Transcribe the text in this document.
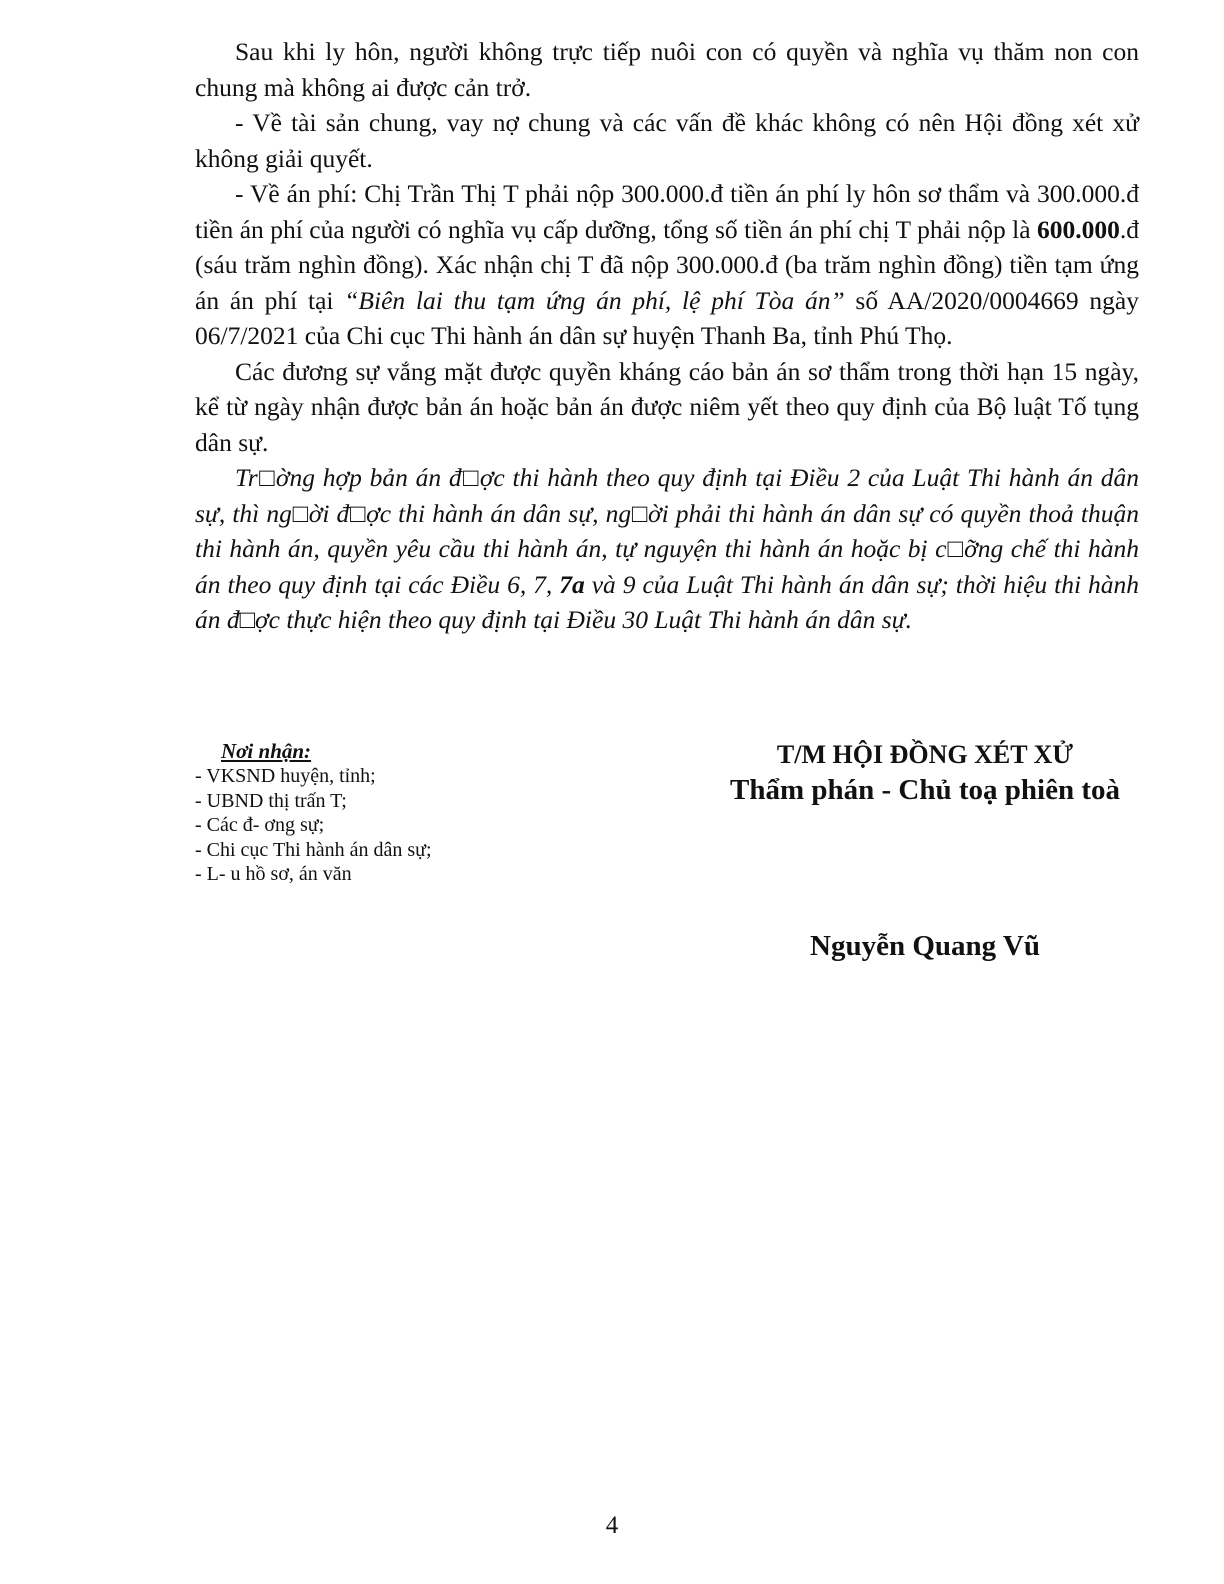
Sau khi ly hôn, người không trực tiếp nuôi con có quyền và nghĩa vụ thăm non con chung mà không ai được cản trở.

- Về tài sản chung, vay nợ chung và các vấn đề khác không có nên Hội đồng xét xử không giải quyết.

- Về án phí: Chị Trần Thị T phải nộp 300.000.đ tiền án phí ly hôn sơ thẩm và 300.000.đ tiền án phí của người có nghĩa vụ cấp dưỡng, tổng số tiền án phí chị T phải nộp là 600.000.đ (sáu trăm nghìn đồng). Xác nhận chị T đã nộp 300.000.đ (ba trăm nghìn đồng) tiền tạm ứng án án phí tại “Biên lai thu tạm ứng án phí, lệ phí Tòa án” số AA/2020/0004669 ngày 06/7/2021 của Chi cục Thi hành án dân sự huyện Thanh Ba, tỉnh Phú Thọ.

Các đương sự vắng mặt được quyền kháng cáo bản án sơ thẩm trong thời hạn 15 ngày, kể từ ngày nhận được bản án hoặc bản án được niêm yết theo quy định của Bộ luật Tố tụng dân sự.

Tr□ờng hợp bản án đ□ợc thi hành theo quy định tại Điều 2 của Luật Thi hành án dân sự, thì ng□ời đ□ợc thi hành án dân sự, ng□ời phải thi hành án dân sự có quyền thoả thuận thi hành án, quyền yêu cầu thi hành án, tự nguyện thi hành án hoặc bị c□ỡng chế thi hành án theo quy định tại các Điều 6, 7, 7a và 9 của Luật Thi hành án dân sự; thời hiệu thi hành án đ□ợc thực hiện theo quy định tại Điều 30 Luật Thi hành án dân sự.

Nơi nhận:
- VKSND huyện, tỉnh;
- UBND thị trấn T;
- Các đ- ơng sự;
- Chi cục Thi hành án dân sự;
- L- u hồ sơ, án văn
T/M HỘI ĐỒNG XÉT XỬ
Thẩm phán - Chủ toạ phiên toà
Nguyễn Quang Vũ
4
